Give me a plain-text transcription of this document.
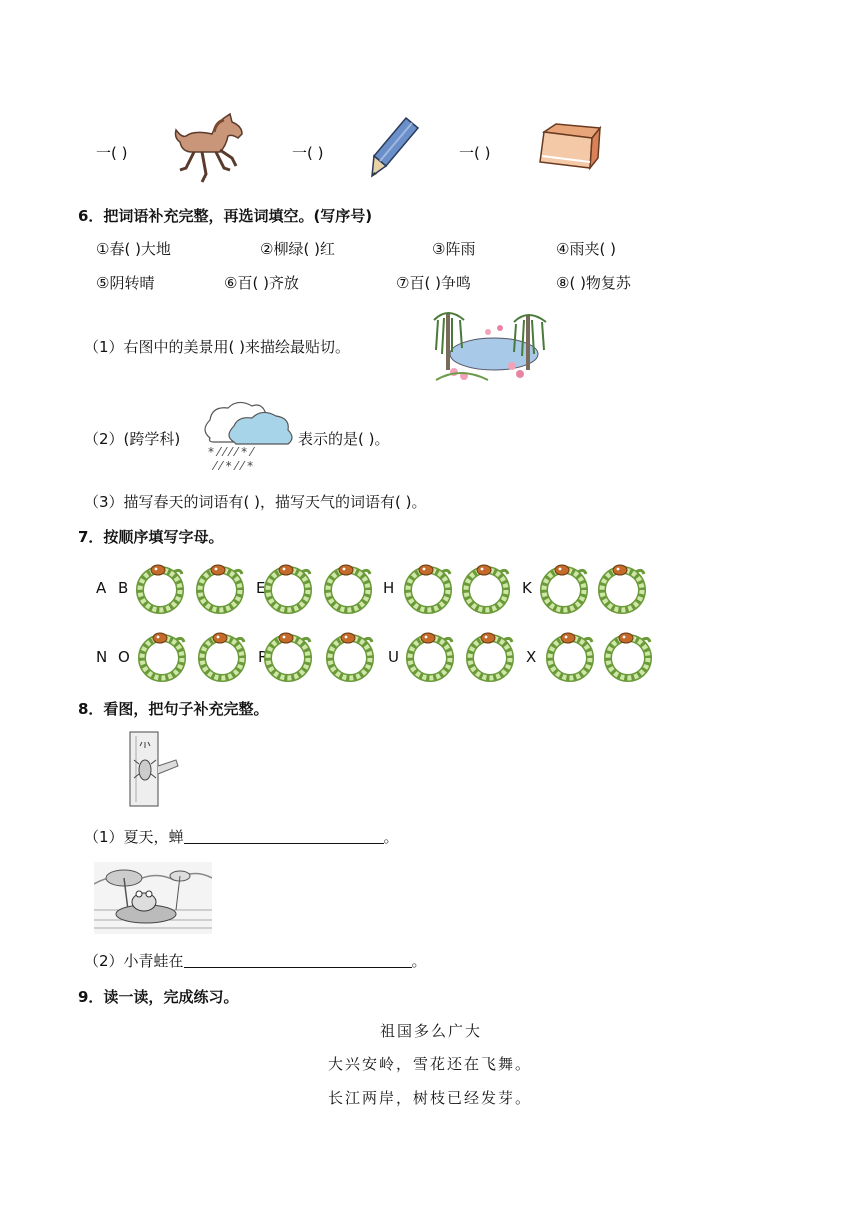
一( )	一( )	一( )
6．把词语补充完整，再选词填空。(写序号)
①春( )大地	②柳绿( )红	③阵雨	④雨夹( )
⑤阴转晴	⑥百( )齐放	⑦百( )争鸣	⑧( )物复苏
（1）右图中的美景用( )来描绘最贴切。
（2）(跨学科)
* ⁄ ⁄ ⁄ ⁄ * ⁄
⁄ ⁄ * ⁄ ⁄ *
表示的是( )。
（3）描写春天的词语有( )，描写天气的词语有( )。
7．按顺序填写字母。
A B	E	H	K
N O	R	U	X
8．看图，把句子补充完整。
（1）夏天，蝉	。
（2）小青蛙在	。
9．读一读，完成练习。
祖国多么广大
大兴安岭，雪花还在飞舞。
长江两岸，树枝已经发芽。
